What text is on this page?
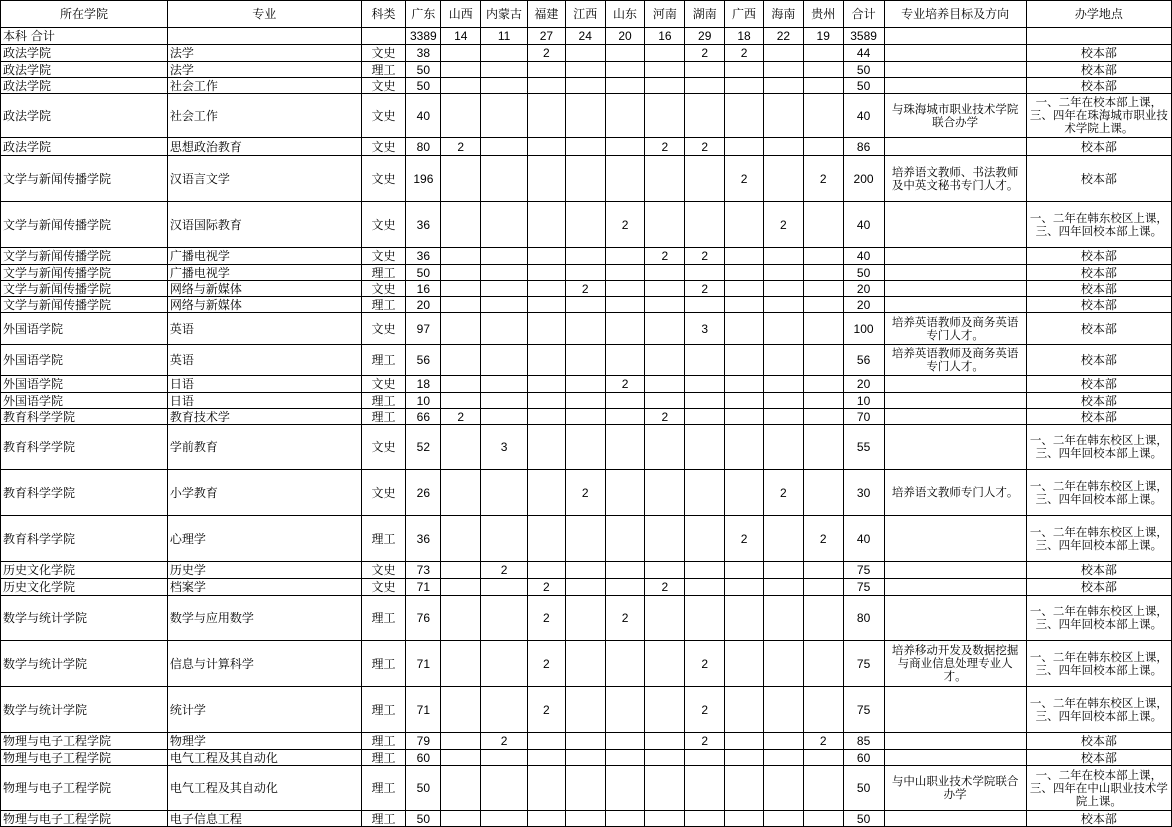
所在学院	专业	科类	广东	山西	内蒙古	福建	江西	山东	河南	湖南	广西	海南	贵州	合计	专业培养目标及方向	办学地点
本科 合计			3389	14	11	27	24	20	16	29	18	22	19	3589		
政法学院	法学	文史	38			2				2	2			44		校本部
政法学院	法学	理工	50											50		校本部
政法学院	社会工作	文史	50											50		校本部
政法学院	社会工作	文史	40											40	与珠海城市职业技术学院联合办学	一、二年在校本部上课，三、四年在珠海城市职业技术学院上课。
政法学院	思想政治教育	文史	80	2					2	2				86		校本部
文学与新闻传播学院	汉语言文学	文史	196								2		2	200	培养语文教师、书法教师及中英文秘书专门人才。	校本部
文学与新闻传播学院	汉语国际教育	文史	36					2				2		40		一、二年在韩东校区上课，三、四年回校本部上课。
文学与新闻传播学院	广播电视学	文史	36						2	2				40		校本部
文学与新闻传播学院	广播电视学	理工	50											50		校本部
文学与新闻传播学院	网络与新媒体	文史	16				2			2				20		校本部
文学与新闻传播学院	网络与新媒体	理工	20											20		校本部
外国语学院	英语	文史	97							3				100	培养英语教师及商务英语专门人才。	校本部
外国语学院	英语	理工	56											56	培养英语教师及商务英语专门人才。	校本部
外国语学院	日语	文史	18					2						20		校本部
外国语学院	日语	理工	10											10		校本部
教育科学学院	教育技术学	理工	66	2					2					70		校本部
教育科学学院	学前教育	文史	52		3									55		一、二年在韩东校区上课，三、四年回校本部上课。
教育科学学院	小学教育	文史	26				2					2		30	培养语文教师专门人才。	一、二年在韩东校区上课，三、四年回校本部上课。
教育科学学院	心理学	理工	36								2		2	40		一、二年在韩东校区上课，三、四年回校本部上课。
历史文化学院	历史学	文史	73		2									75		校本部
历史文化学院	档案学	文史	71			2			2					75		校本部
数学与统计学院	数学与应用数学	理工	76			2		2						80		一、二年在韩东校区上课，三、四年回校本部上课。
数学与统计学院	信息与计算科学	理工	71			2				2				75	培养移动开发及数据挖掘与商业信息处理专业人才。	一、二年在韩东校区上课，三、四年回校本部上课。
数学与统计学院	统计学	理工	71			2				2				75		一、二年在韩东校区上课，三、四年回校本部上课。
物理与电子工程学院	物理学	理工	79		2					2			2	85		校本部
物理与电子工程学院	电气工程及其自动化	理工	60											60		校本部
物理与电子工程学院	电气工程及其自动化	理工	50											50	与中山职业技术学院联合办学	一、二年在校本部上课，三、四年在中山职业技术学院上课。
物理与电子工程学院	电子信息工程	理工	50											50		校本部
